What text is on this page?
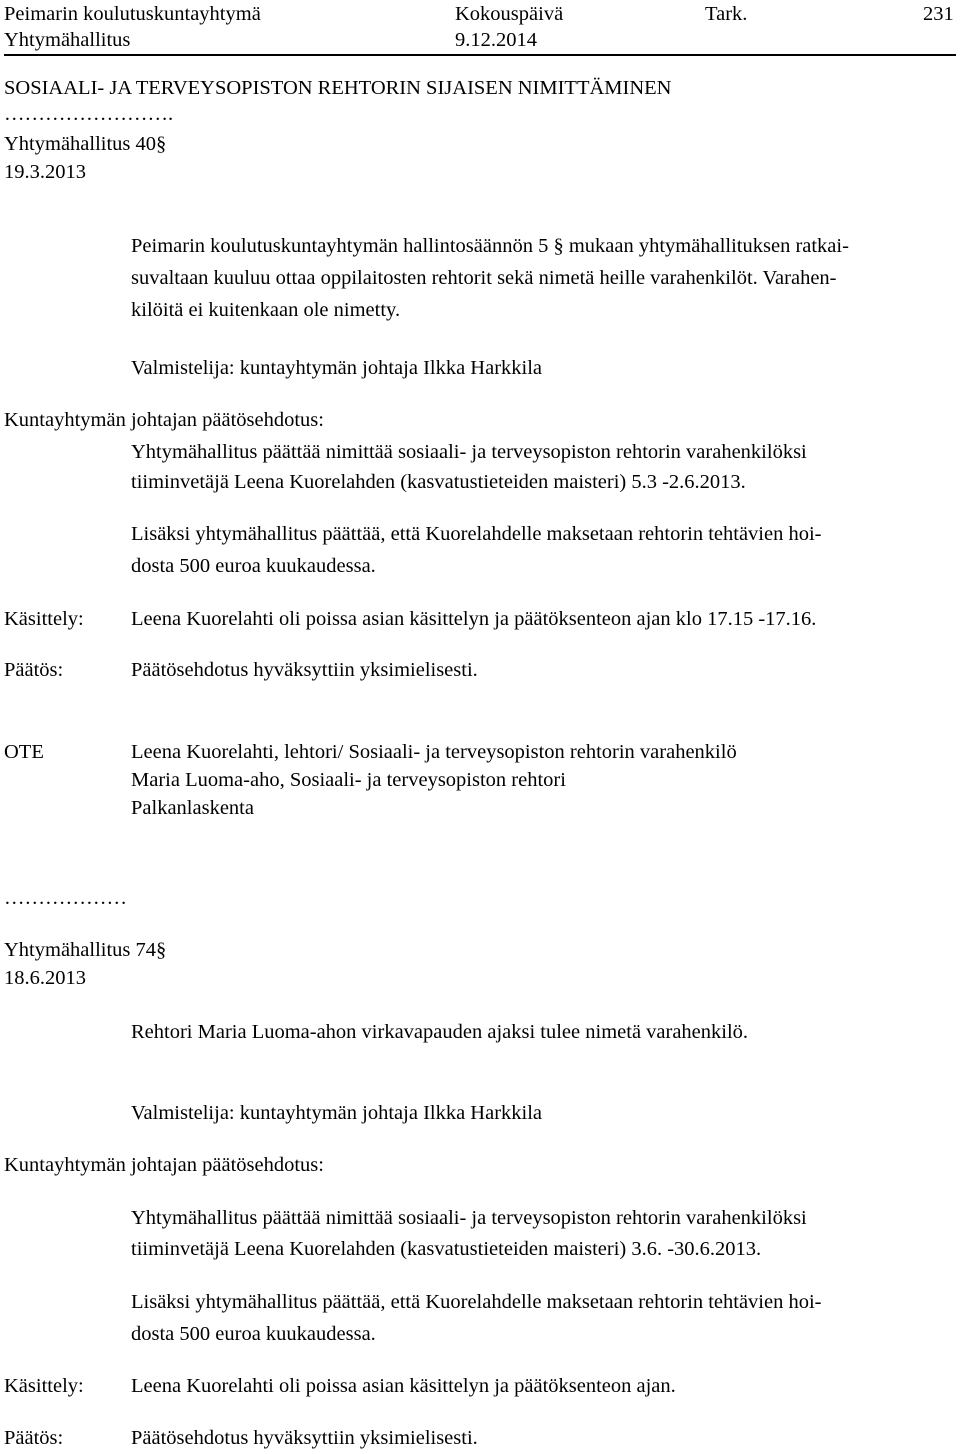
Peimarin koulutuskuntayhtymä	Kokouspäivä	Tark.	231
Yhtymähallitus	9.12.2014
SOSIAALI- JA TERVEYSOPISTON REHTORIN SIJAISEN NIMITTÄMINEN
…………………….
Yhtymähallitus 40§
19.3.2013
Peimarin koulutuskuntayhtymän hallintosäännön 5 § mukaan yhtymähallituksen ratkai-
suvaltaan kuuluu ottaa oppilaitosten rehtorit sekä nimetä heille varahenkilöt. Varahen-
kilöitä ei kuitenkaan ole nimetty.
Valmistelija: kuntayhtymän johtaja Ilkka Harkkila
Kuntayhtymän johtajan päätösehdotus:
Yhtymähallitus päättää nimittää sosiaali- ja terveysopiston rehtorin varahenkilöksi
tiiminvetäjä Leena Kuorelahden (kasvatustieteiden maisteri) 5.3 -2.6.2013.
Lisäksi yhtymähallitus päättää, että Kuorelahdelle maksetaan rehtorin tehtävien hoi-
dosta 500 euroa kuukaudessa.
Käsittely: Leena Kuorelahti oli poissa asian käsittelyn ja päätöksenteon ajan klo 17.15 -17.16.
Päätös:	Päätösehdotus hyväksyttiin yksimielisesti.
OTE	Leena Kuorelahti, lehtori/ Sosiaali- ja terveysopiston rehtorin varahenkilö
Maria Luoma-aho, Sosiaali- ja terveysopiston rehtori
Palkanlaskenta
………………
Yhtymähallitus 74§
18.6.2013
Rehtori Maria Luoma-ahon virkavapauden ajaksi tulee nimetä varahenkilö.
Valmistelija: kuntayhtymän johtaja Ilkka Harkkila
Kuntayhtymän johtajan päätösehdotus:
Yhtymähallitus päättää nimittää sosiaali- ja terveysopiston rehtorin varahenkilöksi
tiiminvetäjä Leena Kuorelahden (kasvatustieteiden maisteri) 3.6. -30.6.2013.
Lisäksi yhtymähallitus päättää, että Kuorelahdelle maksetaan rehtorin tehtävien hoi-
dosta 500 euroa kuukaudessa.
Käsittely: Leena Kuorelahti oli poissa asian käsittelyn ja päätöksenteon ajan.
Päätös:	Päätösehdotus hyväksyttiin yksimielisesti.
